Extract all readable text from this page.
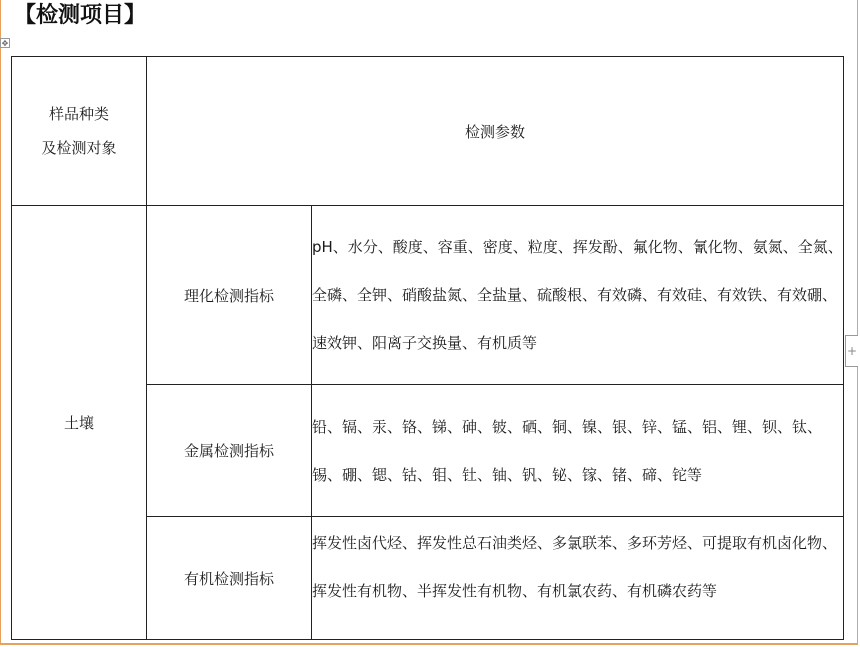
【检测项目】
✥
+
样品种类
及检测对象	检测参数	
土壤	理化检测指标	pH、水分、酸度、容重、密度、粒度、挥发酚、氟化物、氰化物、氨氮、全氮、全磷、全钾、硝酸盐氮、全盐量、硫酸根、有效磷、有效硅、有效铁、有效硼、速效钾、阳离子交换量、有机质等
	金属检测指标	铅、镉、汞、铬、锑、砷、铍、硒、铜、镍、银、锌、锰、铝、锂、钡、钛、锡、硼、锶、钴、钼、钍、铀、钒、铋、镓、锗、碲、铊等
	有机检测指标	挥发性卤代烃、挥发性总石油类烃、多氯联苯、多环芳烃、可提取有机卤化物、挥发性有机物、半挥发性有机物、有机氯农药、有机磷农药等
